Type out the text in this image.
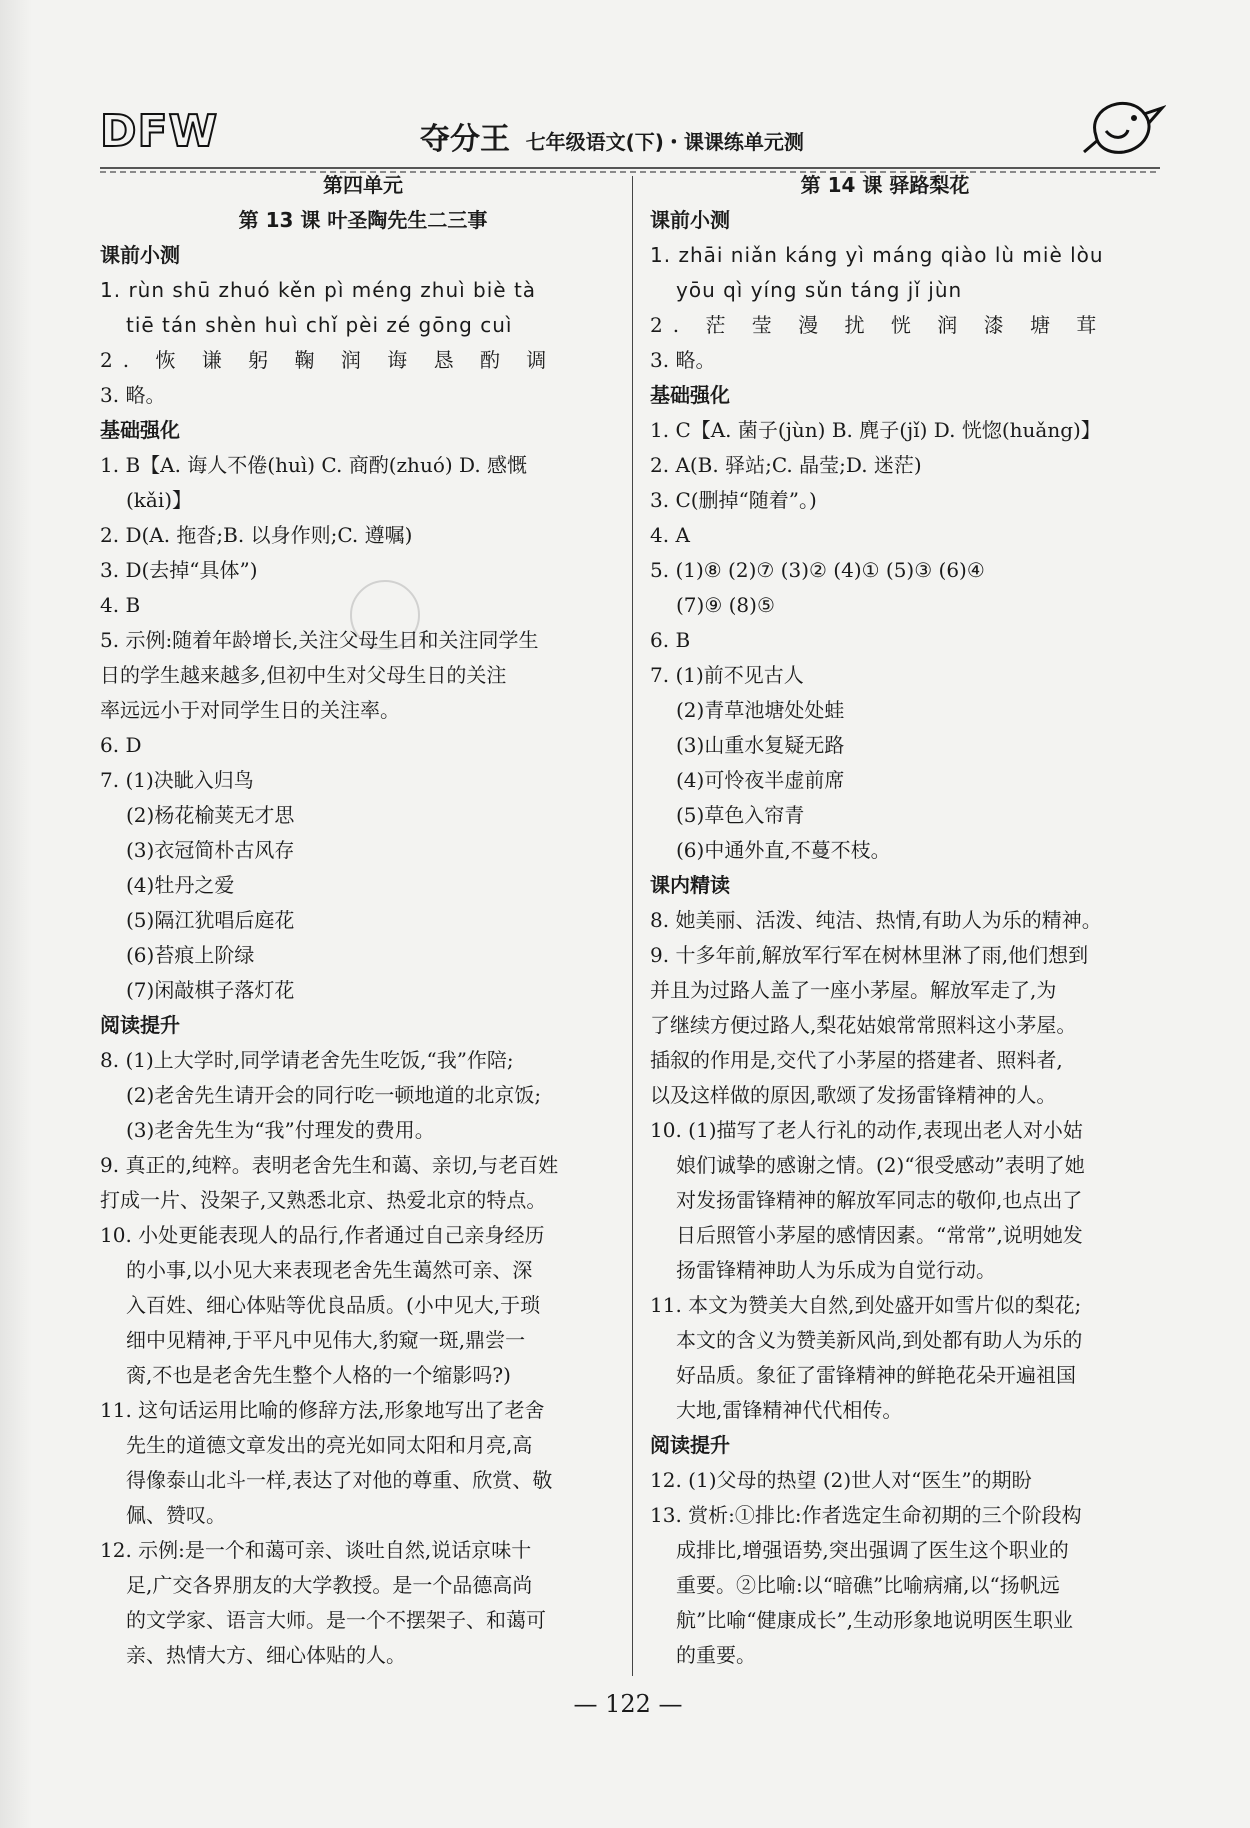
DFW	夺分王 七年级语文(下)・课课练单元测
第四单元
第 13 课 叶圣陶先生二三事
课前小测
1. rùn shū zhuó kěn pì méng zhuì biè tà
tiē tán shèn huì chǐ pèi zé gōng cuì
2. 恢 谦 躬 鞠 润 诲 恳 酌 调
3. 略。
基础强化
1. B【A. 诲人不倦(huì) C. 商酌(zhuó) D. 感慨
(kǎi)】
2. D(A. 拖沓;B. 以身作则;C. 遵嘱)
3. D(去掉“具体”)
4. B
5. 示例:随着年龄增长,关注父母生日和关注同学生
日的学生越来越多,但初中生对父母生日的关注
率远远小于对同学生日的关注率。
6. D
7. (1)决眦入归鸟
(2)杨花榆荚无才思
(3)衣冠简朴古风存
(4)牡丹之爱
(5)隔江犹唱后庭花
(6)苔痕上阶绿
(7)闲敲棋子落灯花
阅读提升
8. (1)上大学时,同学请老舍先生吃饭,“我”作陪;
(2)老舍先生请开会的同行吃一顿地道的北京饭;
(3)老舍先生为“我”付理发的费用。
9. 真正的,纯粹。表明老舍先生和蔼、亲切,与老百姓
打成一片、没架子,又熟悉北京、热爱北京的特点。
10. 小处更能表现人的品行,作者通过自己亲身经历
的小事,以小见大来表现老舍先生蔼然可亲、深
入百姓、细心体贴等优良品质。(小中见大,于琐
细中见精神,于平凡中见伟大,豹窥一斑,鼎尝一
脔,不也是老舍先生整个人格的一个缩影吗?)
11. 这句话运用比喻的修辞方法,形象地写出了老舍
先生的道德文章发出的亮光如同太阳和月亮,高
得像泰山北斗一样,表达了对他的尊重、欣赏、敬
佩、赞叹。
12. 示例:是一个和蔼可亲、谈吐自然,说话京味十
足,广交各界朋友的大学教授。是一个品德高尚
的文学家、语言大师。是一个不摆架子、和蔼可
亲、热情大方、细心体贴的人。
第 14 课 驿路梨花
课前小测
1. zhāi niǎn káng yì máng qiào lù miè lòu
yōu qì yíng sǔn táng jǐ jùn
2. 茫 莹 漫 扰 恍 润 漆 塘 茸
3. 略。
基础强化
1. C【A. 菌子(jùn) B. 麂子(jǐ) D. 恍惚(huǎng)】
2. A(B. 驿站;C. 晶莹;D. 迷茫)
3. C(删掉“随着”。)
4. A
5. (1)⑧ (2)⑦ (3)② (4)① (5)③ (6)④
(7)⑨ (8)⑤
6. B
7. (1)前不见古人
(2)青草池塘处处蛙
(3)山重水复疑无路
(4)可怜夜半虚前席
(5)草色入帘青
(6)中通外直,不蔓不枝。
课内精读
8. 她美丽、活泼、纯洁、热情,有助人为乐的精神。
9. 十多年前,解放军行军在树林里淋了雨,他们想到
并且为过路人盖了一座小茅屋。解放军走了,为
了继续方便过路人,梨花姑娘常常照料这小茅屋。
插叙的作用是,交代了小茅屋的搭建者、照料者,
以及这样做的原因,歌颂了发扬雷锋精神的人。
10. (1)描写了老人行礼的动作,表现出老人对小姑
娘们诚挚的感谢之情。(2)“很受感动”表明了她
对发扬雷锋精神的解放军同志的敬仰,也点出了
日后照管小茅屋的感情因素。“常常”,说明她发
扬雷锋精神助人为乐成为自觉行动。
11. 本文为赞美大自然,到处盛开如雪片似的梨花;
本文的含义为赞美新风尚,到处都有助人为乐的
好品质。象征了雷锋精神的鲜艳花朵开遍祖国
大地,雷锋精神代代相传。
阅读提升
12. (1)父母的热望 (2)世人对“医生”的期盼
13. 赏析:①排比:作者选定生命初期的三个阶段构
成排比,增强语势,突出强调了医生这个职业的
重要。②比喻:以“暗礁”比喻病痛,以“扬帆远
航”比喻“健康成长”,生动形象地说明医生职业
的重要。
— 122 —
